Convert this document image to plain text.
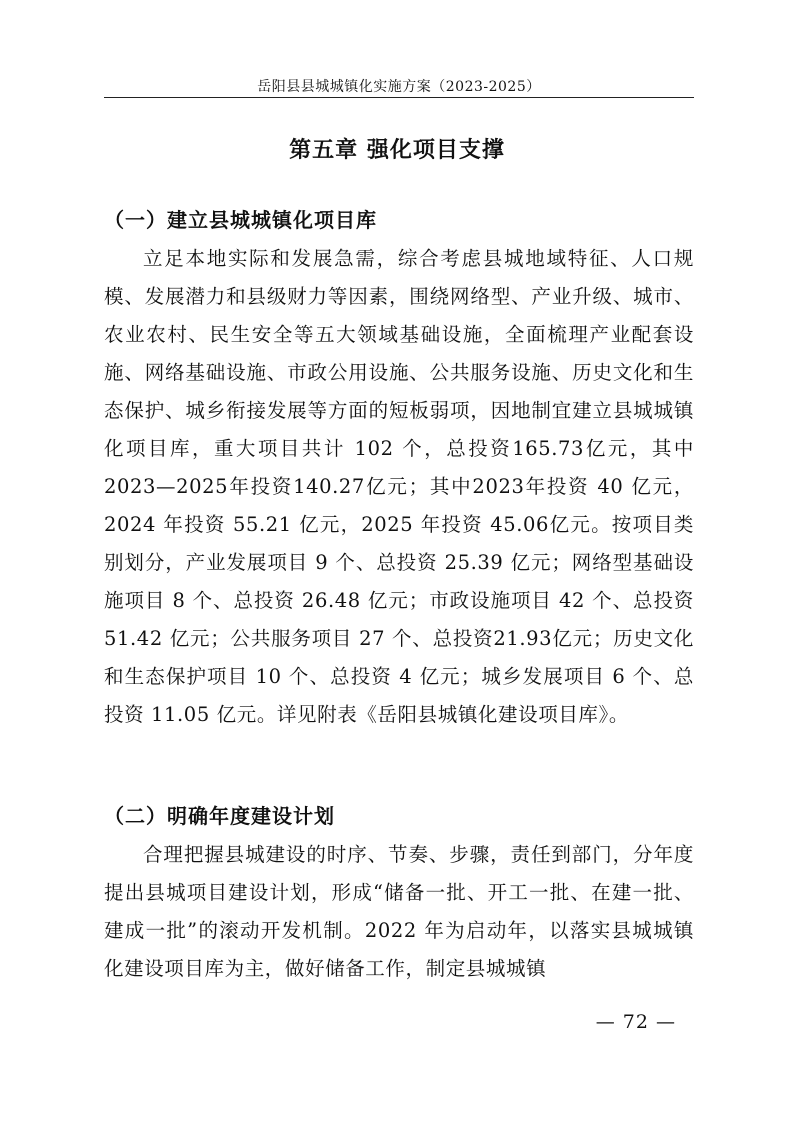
岳阳县县城城镇化实施方案（2023-2025）
第五章 强化项目支撑
（一）建立县城城镇化项目库

立足本地实际和发展急需，综合考虑县城地域特征、人口规模、发展潜力和县级财力等因素，围绕网络型、产业升级、城市、农业农村、民生安全等五大领域基础设施，全面梳理产业配套设施、网络基础设施、市政公用设施、公共服务设施、历史文化和生态保护、城乡衔接发展等方面的短板弱项，因地制宜建立县城城镇化项目库，重大项目共计 102 个，总投资165.73亿元，其中2023—2025年投资140.27亿元；其中2023年投资 40 亿元，2024 年投资 55.21 亿元，2025 年投资 45.06亿元。按项目类别划分，产业发展项目 9 个、总投资 25.39 亿元；网络型基础设施项目 8 个、总投资 26.48 亿元；市政设施项目 42 个、总投资 51.42 亿元；公共服务项目 27 个、总投资21.93亿元；历史文化和生态保护项目 10 个、总投资 4 亿元；城乡发展项目 6 个、总投资 11.05 亿元。详见附表《岳阳县城镇化建设项目库》。

（二）明确年度建设计划

合理把握县城建设的时序、节奏、步骤，责任到部门，分年度提出县城项目建设计划，形成“储备一批、开工一批、在建一批、建成一批”的滚动开发机制。2022 年为启动年，以落实县城城镇化建设项目库为主，做好储备工作，制定县城城镇

— 72 —
